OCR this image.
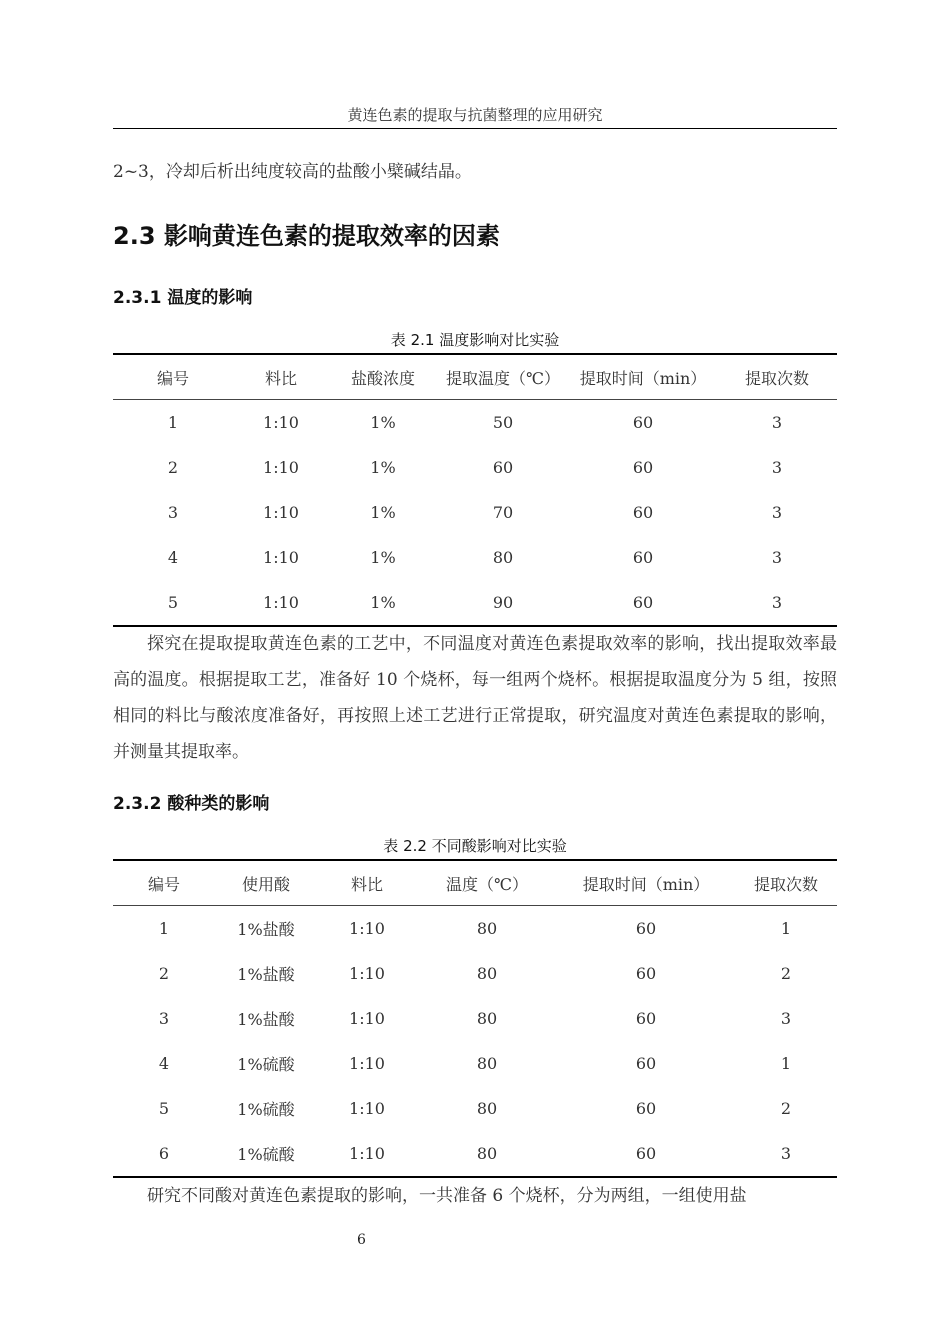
黄连色素的提取与抗菌整理的应用研究

2~3，冷却后析出纯度较高的盐酸小檗碱结晶。

2.3 影响黄连色素的提取效率的因素
2.3.1 温度的影响
表 2.1 温度影响对比实验
编号	料比	盐酸浓度	提取温度（℃）	提取时间（min）	提取次数
1	1:10	1%	50	60	3
2	1:10	1%	60	60	3
3	1:10	1%	70	60	3
4	1:10	1%	80	60	3
5	1:10	1%	90	60	3

探究在提取提取黄连色素的工艺中，不同温度对黄连色素提取效率的影响，找出提取效率最高的温度。根据提取工艺，准备好 10 个烧杯，每一组两个烧杯。根据提取温度分为 5 组，按照相同的料比与酸浓度准备好，再按照上述工艺进行正常提取，研究温度对黄连色素提取的影响，并测量其提取率。

2.3.2 酸种类的影响
表 2.2 不同酸影响对比实验
编号	使用酸	料比	温度（℃）	提取时间（min）	提取次数
1	1%盐酸	1:10	80	60	1
2	1%盐酸	1:10	80	60	2
3	1%盐酸	1:10	80	60	3
4	1%硫酸	1:10	80	60	1
5	1%硫酸	1:10	80	60	2
6	1%硫酸	1:10	80	60	3

研究不同酸对黄连色素提取的影响，一共准备 6 个烧杯，分为两组，一组使用盐

6
